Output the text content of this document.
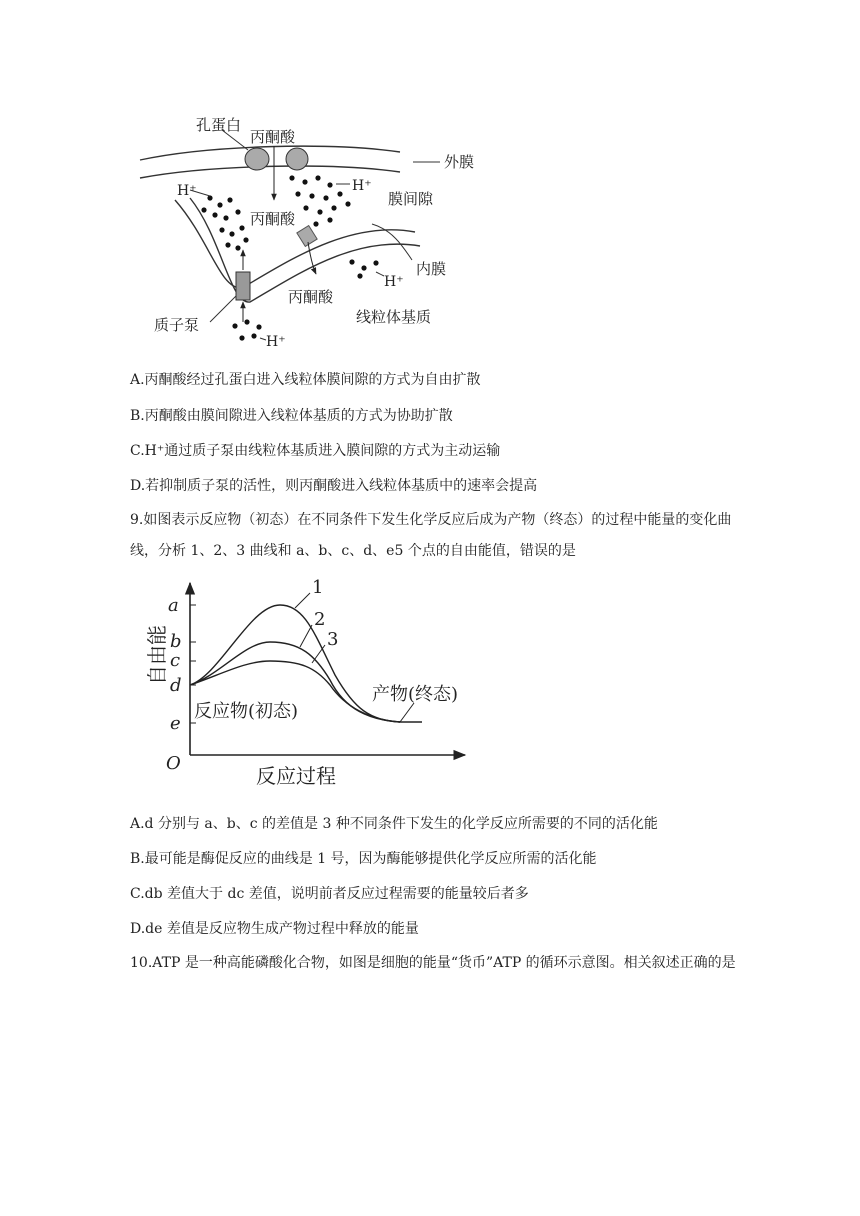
孔蛋白
丙酮酸
外膜
H⁺	H⁺
膜间隙
丙酮酸
内膜
H⁺
丙酮酸
质子泵	线粒体基质
H⁺
A.丙酮酸经过孔蛋白进入线粒体膜间隙的方式为自由扩散
B.丙酮酸由膜间隙进入线粒体基质的方式为协助扩散
C.H⁺通过质子泵由线粒体基质进入膜间隙的方式为主动运输
D.若抑制质子泵的活性，则丙酮酸进入线粒体基质中的速率会提高
9.如图表示反应物（初态）在不同条件下发生化学反应后成为产物（终态）的过程中能量的变化曲线，分析 1、2、3 曲线和 a、b、c、d、e5 个点的自由能值，错误的是
自由能
a
b
c
d
e
O
1
2
3
反应物(初态)
产物(终态)
反应过程
A.d 分别与 a、b、c 的差值是 3 种不同条件下发生的化学反应所需要的不同的活化能
B.最可能是酶促反应的曲线是 1 号，因为酶能够提供化学反应所需的活化能
C.db 差值大于 dc 差值，说明前者反应过程需要的能量较后者多
D.de 差值是反应物生成产物过程中释放的能量
10.ATP 是一种高能磷酸化合物，如图是细胞的能量“货币”ATP 的循环示意图。相关叙述正确的是
